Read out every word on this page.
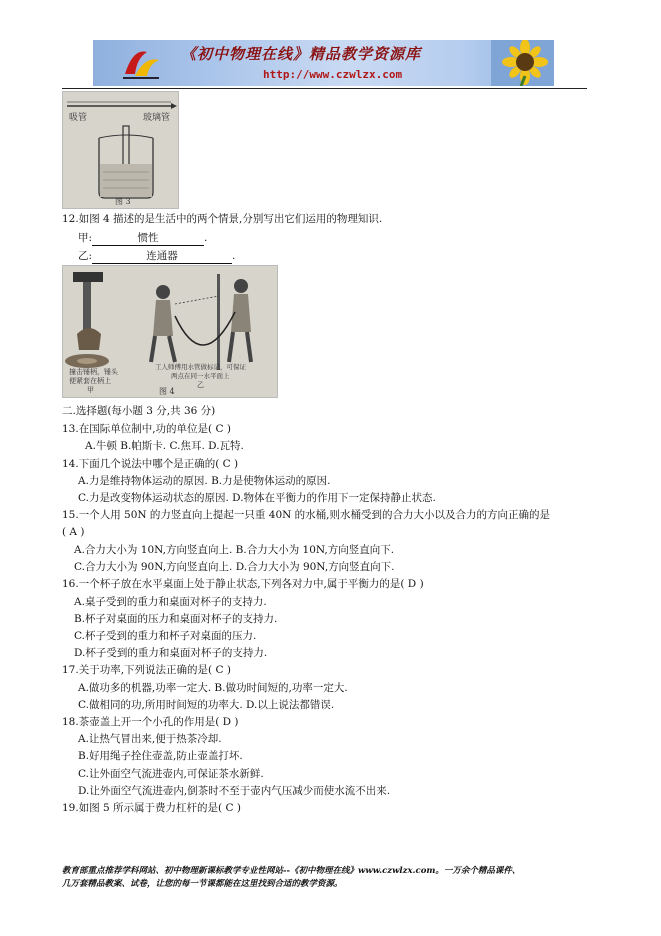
《初中物理在线》精品教学资源库
http://www.czwlzx.com
吸管	玻璃管
图 3
12.如图 4 描述的是生活中的两个情景,分别写出它们运用的物理知识.
甲:	惯性	.
乙:	连通器	.
撞击锤柄，锤头
便紧套在柄上
甲
工人师傅用水管做标记，可保证
两点在同一水平面上
乙
图 4
二.选择题(每小题 3 分,共 36 分)
13.在国际单位制中,功的单位是( C )
A.牛顿 B.帕斯卡. C.焦耳. D.瓦特.
14.下面几个说法中哪个是正确的( C )
A.力是维持物体运动的原因. B.力是使物体运动的原因.
C.力是改变物体运动状态的原因. D.物体在平衡力的作用下一定保持静止状态.
15.一个人用 50N 的力竖直向上提起一只重 40N 的水桶,则水桶受到的合力大小以及合力的方向正确的是
( A )
A.合力大小为 10N,方向竖直向上. B.合力大小为 10N,方向竖直向下.
C.合力大小为 90N,方向竖直向上. D.合力大小为 90N,方向竖直向下.
16.一个杯子放在水平桌面上处于静止状态,下列各对力中,属于平衡力的是( D )
A.桌子受到的重力和桌面对杯子的支持力.
B.杯子对桌面的压力和桌面对杯子的支持力.
C.杯子受到的重力和杯子对桌面的压力.
D.杯子受到的重力和桌面对杯子的支持力.
17.关于功率,下列说法正确的是( C )
A.做功多的机器,功率一定大. B.做功时间短的,功率一定大.
C.做相同的功,所用时间短的功率大. D.以上说法都错误.
18.茶壶盖上开一个小孔的作用是( D )
A.让热气冒出来,便于热茶冷却.
B.好用绳子拴住壶盖,防止壶盖打坏.
C.让外面空气流进壶内,可保证茶水新鲜.
D.让外面空气流进壶内,倒茶时不至于壶内气压减少而使水流不出来.
19.如图 5 所示属于费力杠杆的是( C )
教育部重点推荐学科网站、初中物理新课标教学专业性网站--《初中物理在线》www.czwlzx.com。一万余个精品课件、
几万套精品教案、试卷，让您的每一节课都能在这里找到合适的教学资源。
